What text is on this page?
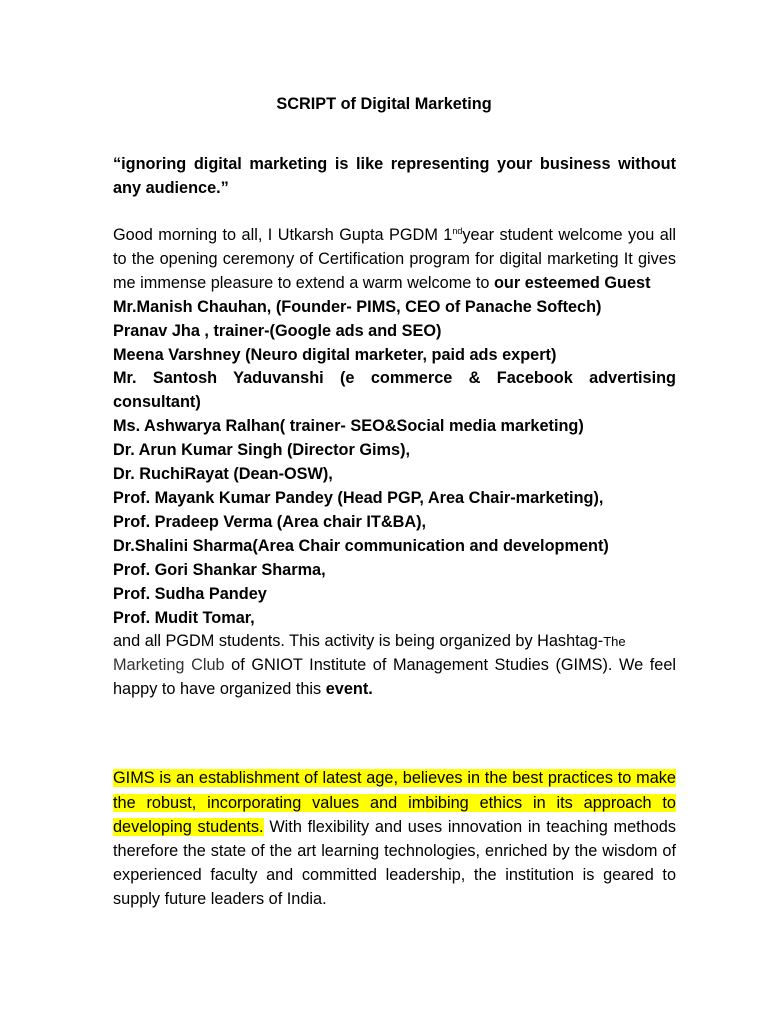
SCRIPT of Digital Marketing
“ignoring digital marketing is like representing your business without any audience.”

Good morning to all, I Utkarsh Gupta PGDM 1ndyear student welcome you all to the opening ceremony of Certification program for digital marketing It gives me immense pleasure to extend a warm welcome to our esteemed Guest

Mr.Manish Chauhan, (Founder- PIMS, CEO of Panache Softech)

Pranav Jha , trainer-(Google ads and SEO)

Meena Varshney (Neuro digital marketer, paid ads expert)

Mr. Santosh Yaduvanshi (e commerce & Facebook advertising consultant)

Ms. Ashwarya Ralhan( trainer- SEO&Social media marketing)

Dr. Arun Kumar Singh (Director Gims),

Dr. RuchiRayat (Dean-OSW),

Prof. Mayank Kumar Pandey (Head PGP, Area Chair-marketing),

Prof. Pradeep Verma (Area chair IT&BA),

Dr.Shalini Sharma(Area Chair communication and development)

Prof. Gori Shankar Sharma,

Prof. Sudha Pandey

Prof. Mudit Tomar,

and all PGDM students. This activity is being organized by Hashtag-The
Marketing Club of GNIOT Institute of Management Studies (GIMS). We feel happy to have organized this event.

GIMS is an establishment of latest age, believes in the best practices to make the robust, incorporating values and imbibing ethics in its approach to developing students. With flexibility and uses innovation in teaching methods therefore the state of the art learning technologies, enriched by the wisdom of experienced faculty and committed leadership, the institution is geared to supply future leaders of India.
